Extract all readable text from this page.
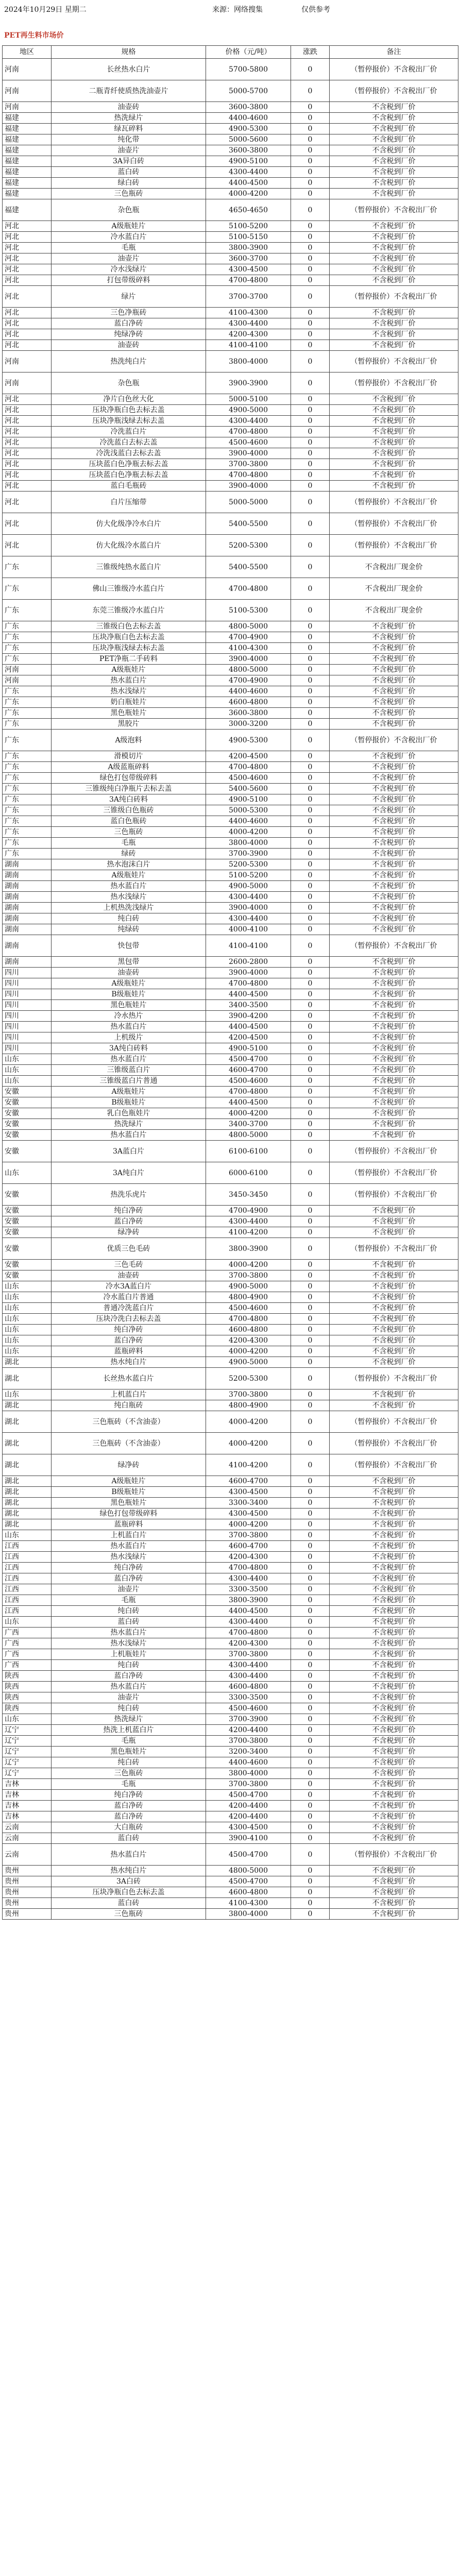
2024年10月29日 星期二	来源：网络搜集	仅供参考
PET再生料市场价
地区	规格	价格（元/吨）	涨跌	备注
河南	长丝热水白片	5700-5800	0	（暂停报价）不含税出厂价
河南	二瓶青纤使质热洗油壶片	5000-5700	0	（暂停报价）不含税出厂价
河南	油壶砖	3600-3800	0	不含税到厂价
福建	热洗绿片	4400-4600	0	不含税到厂价
福建	绿瓦碎料	4900-5300	0	不含税到厂价
福建	纯化带	5000-5600	0	不含税到厂价
福建	油壶片	3600-3800	0	不含税到厂价
福建	3A异白砖	4900-5100	0	不含税到厂价
福建	蓝白砖	4300-4400	0	不含税到厂价
福建	绿白砖	4400-4500	0	不含税到厂价
福建	三色瓶砖	4000-4200	0	不含税到厂价
福建	杂色瓶	4650-4650	0	（暂停报价）不含税出厂价
河北	A级瓶娃片	5100-5200	0	不含税到厂价
河北	冷水蓝白片	5100-5150	0	不含税到厂价
河北	毛瓶	3800-3900	0	不含税到厂价
河北	油壶片	3600-3700	0	不含税到厂价
河北	冷水浅绿片	4300-4500	0	不含税到厂价
河北	打包带级碎料	4700-4800	0	不含税到厂价
河北	绿片	3700-3700	0	（暂停报价）不含税出厂价
河北	三色净瓶砖	4100-4300	0	不含税到厂价
河北	蓝白净砖	4300-4400	0	不含税到厂价
河北	纯绿净砖	4200-4300	0	不含税到厂价
河北	油壶砖	4100-4100	0	不含税到厂价
河南	热洗纯白片	3800-4000	0	（暂停报价）不含税出厂价
河南	杂色瓶	3900-3900	0	（暂停报价）不含税出厂价
河北	净片白色丝大化	5000-5100	0	不含税到厂价
河北	压块净瓶白色去标去盖	4900-5000	0	不含税到厂价
河北	压块净瓶浅绿去标去盖	4300-4400	0	不含税到厂价
河北	冷洗蓝白片	4700-4800	0	不含税到厂价
河北	冷洗蓝白去标去盖	4500-4600	0	不含税到厂价
河北	冷洗浅蓝白去标去盖	3900-4000	0	不含税到厂价
河北	压块蓝白色净瓶去标去盖	3700-3800	0	不含税到厂价
河北	压块蓝白色净瓶去标去盖	4700-4800	0	不含税到厂价
河北	蓝白毛瓶砖	3900-4000	0	不含税到厂价
河北	白片压缩带	5000-5000	0	（暂停报价）不含税出厂价
河北	仿大化级净冷水白片	5400-5500	0	（暂停报价）不含税出厂价
河北	仿大化级冷水蓝白片	5200-5300	0	（暂停报价）不含税出厂价
广东	三锥级纯热水蓝白片	5400-5500	0	不含税出厂现金价
广东	佛山三锥级冷水蓝白片	4700-4800	0	不含税出厂现金价
广东	东莞三锥级冷水蓝白片	5100-5300	0	不含税出厂现金价
广东	三锥级白色去标去盖	4800-5000	0	不含税到厂价
广东	压块净瓶白色去标去盖	4700-4900	0	不含税到厂价
广东	压块净瓶浅绿去标去盖	4100-4300	0	不含税到厂价
广东	PET净瓶二手砖料	3900-4000	0	不含税到厂价
河南	A级瓶娃片	4800-5000	0	不含税到厂价
河南	热水蓝白片	4700-4900	0	不含税到厂价
广东	热水浅绿片	4400-4600	0	不含税到厂价
广东	奶白瓶娃片	4600-4800	0	不含税到厂价
广东	黑色瓶娃片	3600-3800	0	不含税到厂价
广东	黑胶片	3000-3200	0	不含税到厂价
广东	A级泡料	4900-5300	0	（暂停报价）不含税出厂价
广东	滑模切片	4200-4500	0	不含税到厂价
广东	A级蓝瓶碎料	4700-4800	0	不含税到厂价
广东	绿色打包带级碎料	4500-4600	0	不含税到厂价
广东	三锥级纯白净瓶片去标去盖	5400-5600	0	不含税到厂价
广东	3A纯白砖料	4900-5100	0	不含税到厂价
广东	三锥级白色瓶砖	5000-5300	0	不含税到厂价
广东	蓝白色瓶砖	4400-4600	0	不含税到厂价
广东	三色瓶砖	4000-4200	0	不含税到厂价
广东	毛瓶	3800-4000	0	不含税到厂价
广东	绿砖	3700-3900	0	不含税到厂价
湖南	热水泡沫白片	5200-5300	0	不含税到厂价
湖南	A级瓶娃片	5100-5200	0	不含税到厂价
湖南	热水蓝白片	4900-5000	0	不含税到厂价
湖南	热水浅绿片	4300-4400	0	不含税到厂价
湖南	上机热洗浅绿片	3900-4000	0	不含税到厂价
湖南	纯白砖	4300-4400	0	不含税到厂价
湖南	纯绿砖	4000-4100	0	不含税到厂价
湖南	快包带	4100-4100	0	（暂停报价）不含税出厂价
湖南	黑包带	2600-2800	0	不含税到厂价
四川	油壶砖	3900-4000	0	不含税到厂价
四川	A级瓶娃片	4700-4800	0	不含税到厂价
四川	B级瓶娃片	4400-4500	0	不含税到厂价
四川	黑色瓶娃片	3400-3500	0	不含税到厂价
四川	冷水热片	3900-4200	0	不含税到厂价
四川	热水蓝白片	4400-4500	0	不含税到厂价
四川	上机级片	4200-4500	0	不含税到厂价
四川	3A纯白砖料	4900-5100	0	不含税到厂价
山东	热水蓝白片	4500-4700	0	不含税到厂价
山东	三锥级蓝白片	4600-4700	0	不含税到厂价
山东	三锥级蓝白片普通	4500-4600	0	不含税到厂价
安徽	A级瓶娃片	4700-4800	0	不含税到厂价
安徽	B级瓶娃片	4400-4500	0	不含税到厂价
安徽	乳白色瓶娃片	4000-4200	0	不含税到厂价
安徽	热洗绿片	3400-3700	0	不含税到厂价
安徽	热水蓝白片	4800-5000	0	不含税到厂价
安徽	3A蓝白片	6100-6100	0	（暂停报价）不含税出厂价
山东	3A纯白片	6000-6100	0	（暂停报价）不含税出厂价
安徽	热洗乐虎片	3450-3450	0	（暂停报价）不含税出厂价
安徽	纯白净砖	4700-4900	0	不含税到厂价
安徽	蓝白净砖	4300-4400	0	不含税到厂价
安徽	绿净砖	4100-4200	0	不含税到厂价
安徽	优质三色毛砖	3800-3900	0	（暂停报价）不含税出厂价
安徽	三色毛砖	4000-4200	0	不含税到厂价
安徽	油壶砖	3700-3800	0	不含税到厂价
山东	冷水3A蓝白片	4900-5000	0	不含税到厂价
山东	冷水蓝白片普通	4800-4900	0	不含税到厂价
山东	普通冷洗蓝白片	4500-4600	0	不含税到厂价
山东	压块冷洗白去标去盖	4700-4800	0	不含税到厂价
山东	纯白净砖	4600-4800	0	不含税到厂价
山东	蓝白净砖	4200-4300	0	不含税到厂价
山东	蓝瓶碎料	4000-4200	0	不含税到厂价
湖北	热水纯白片	4900-5000	0	不含税到厂价
湖北	长丝热水蓝白片	5200-5300	0	（暂停报价）不含税出厂价
山东	上机蓝白片	3700-3800	0	不含税到厂价
湖北	纯白瓶砖	4800-4900	0	不含税到厂价
湖北	三色瓶砖（不含油壶）	4000-4200	0	（暂停报价）不含税出厂价
湖北	三色瓶砖（不含油壶）	4000-4200	0	（暂停报价）不含税出厂价
湖北	绿净砖	4100-4200	0	（暂停报价）不含税出厂价
湖北	A级瓶娃片	4600-4700	0	不含税到厂价
湖北	B级瓶娃片	4300-4500	0	不含税到厂价
湖北	黑色瓶娃片	3300-3400	0	不含税到厂价
湖北	绿色打包带级碎料	4300-4500	0	不含税到厂价
湖北	蓝瓶碎料	4000-4200	0	不含税到厂价
山东	上机蓝白片	3700-3800	0	不含税到厂价
江西	热水蓝白片	4600-4700	0	不含税到厂价
江西	热水浅绿片	4200-4300	0	不含税到厂价
江西	纯白净砖	4700-4800	0	不含税到厂价
江西	蓝白净砖	4300-4400	0	不含税到厂价
江西	油壶片	3300-3500	0	不含税到厂价
江西	毛瓶	3800-3900	0	不含税到厂价
江西	纯白砖	4400-4500	0	不含税到厂价
山东	蓝白砖	4300-4400	0	不含税到厂价
广西	热水蓝白片	4700-4800	0	不含税到厂价
广西	热水浅绿片	4200-4300	0	不含税到厂价
广西	上机瓶娃片	3700-3800	0	不含税到厂价
广西	纯白砖	4300-4400	0	不含税到厂价
陕西	蓝白净砖	4300-4400	0	不含税到厂价
陕西	热水蓝白片	4600-4800	0	不含税到厂价
陕西	油壶片	3300-3500	0	不含税到厂价
陕西	纯白砖	4500-4600	0	不含税到厂价
山东	热洗绿片	3700-3900	0	不含税到厂价
辽宁	热洗上机蓝白片	4200-4400	0	不含税到厂价
辽宁	毛瓶	3700-3800	0	不含税到厂价
辽宁	黑色瓶娃片	3200-3400	0	不含税到厂价
辽宁	纯白砖	4400-4600	0	不含税到厂价
辽宁	三色瓶砖	3800-4000	0	不含税到厂价
吉林	毛瓶	3700-3800	0	不含税到厂价
吉林	纯白净砖	4500-4700	0	不含税到厂价
吉林	蓝白净砖	4200-4400	0	不含税到厂价
吉林	蓝白净砖	4200-4400	0	不含税到厂价
云南	大白瓶砖	4300-4500	0	不含税到厂价
云南	蓝白砖	3900-4100	0	不含税到厂价
云南	热水蓝白片	4500-4700	0	（暂停报价）不含税出厂价
贵州	热水纯白片	4800-5000	0	不含税到厂价
贵州	3A白砖	4500-4700	0	不含税到厂价
贵州	压块净瓶白色去标去盖	4600-4800	0	不含税到厂价
贵州	蓝白砖	4100-4300	0	不含税到厂价
贵州	三色瓶砖	3800-4000	0	不含税到厂价
